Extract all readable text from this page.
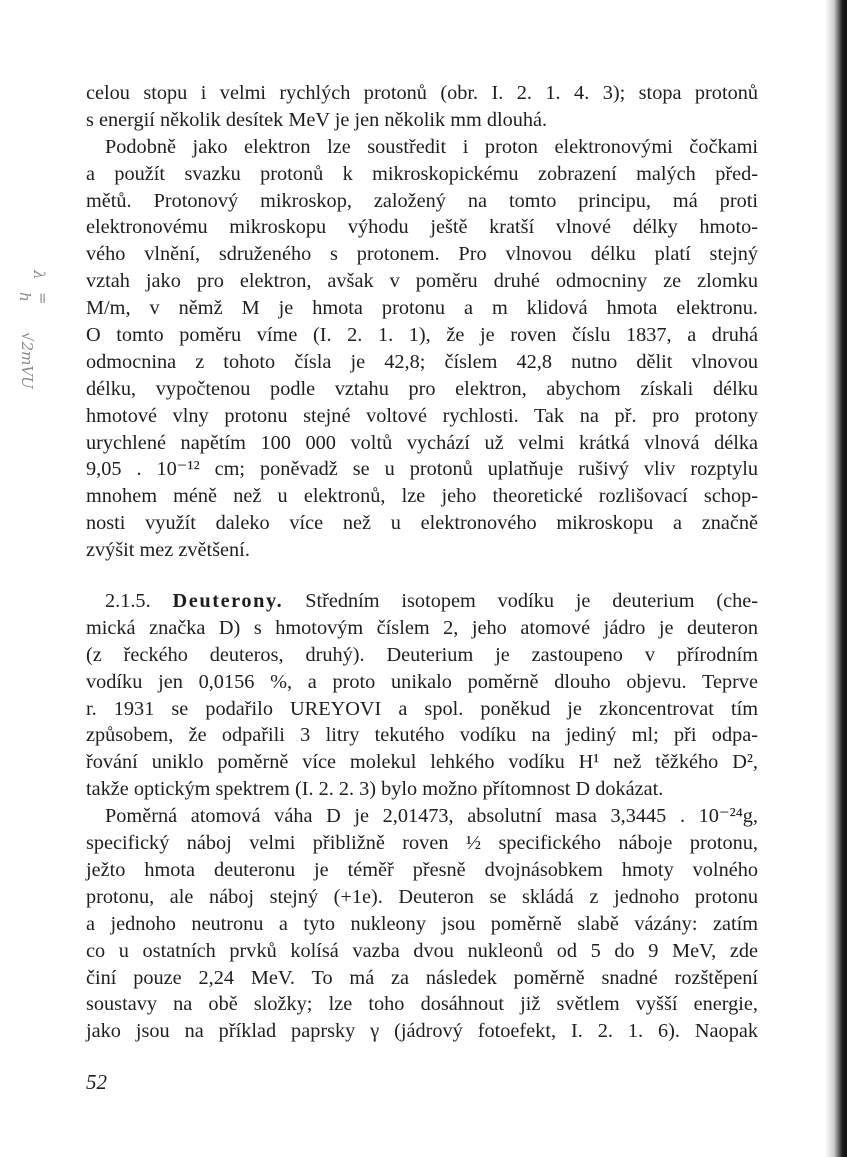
λ
= h
√2mVU
celou stopu i velmi rychlých protonů (obr. I. 2. 1. 4. 3); stopa protonů
s energií několik desítek MeV je jen několik mm dlouhá.
Podobně jako elektron lze soustředit i proton elektronovými čočkami
a použít svazku protonů k mikroskopickému zobrazení malých před-
mětů. Protonový mikroskop, založený na tomto principu, má proti
elektronovému mikroskopu výhodu ještě kratší vlnové délky hmoto-
vého vlnění, sdruženého s protonem. Pro vlnovou délku platí stejný
vztah jako pro elektron, avšak v poměru druhé odmocniny ze zlomku
M/m, v němž M je hmota protonu a m klidová hmota elektronu.
O tomto poměru víme (I. 2. 1. 1), že je roven číslu 1837, a druhá
odmocnina z tohoto čísla je 42,8; číslem 42,8 nutno dělit vlnovou
délku, vypočtenou podle vztahu pro elektron, abychom získali délku
hmotové vlny protonu stejné voltové rychlosti. Tak na př. pro protony
urychlené napětím 100 000 voltů vychází už velmi krátká vlnová délka
9,05 . 10⁻¹² cm; poněvadž se u protonů uplatňuje rušivý vliv rozptylu
mnohem méně než u elektronů, lze jeho theoretické rozlišovací schop-
nosti využít daleko více než u elektronového mikroskopu a značně
zvýšit mez zvětšení.
2.1.5. Deuterony. Středním isotopem vodíku je deuterium (che-
mická značka D) s hmotovým číslem 2, jeho atomové jádro je deuteron
(z řeckého deuteros, druhý). Deuterium je zastoupeno v přírodním
vodíku jen 0,0156 %, a proto unikalo poměrně dlouho objevu. Teprve
r. 1931 se podařilo UREYOVI a spol. poněkud je zkoncentrovat tím
způsobem, že odpařili 3 litry tekutého vodíku na jediný ml; při odpa-
řování uniklo poměrně více molekul lehkého vodíku H¹ než těžkého D²,
takže optickým spektrem (I. 2. 2. 3) bylo možno přítomnost D dokázat.
Poměrná atomová váha D je 2,01473, absolutní masa 3,3445 . 10⁻²⁴g,
specifický náboj velmi přibližně roven ½ specifického náboje protonu,
ježto hmota deuteronu je téměř přesně dvojnásobkem hmoty volného
protonu, ale náboj stejný (+1e). Deuteron se skládá z jednoho protonu
a jednoho neutronu a tyto nukleony jsou poměrně slabě vázány: zatím
co u ostatních prvků kolísá vazba dvou nukleonů od 5 do 9 MeV, zde
činí pouze 2,24 MeV. To má za následek poměrně snadné rozštěpení
soustavy na obě složky; lze toho dosáhnout již světlem vyšší energie,
jako jsou na příklad paprsky γ (jádrový fotoefekt, I. 2. 1. 6). Naopak
52
